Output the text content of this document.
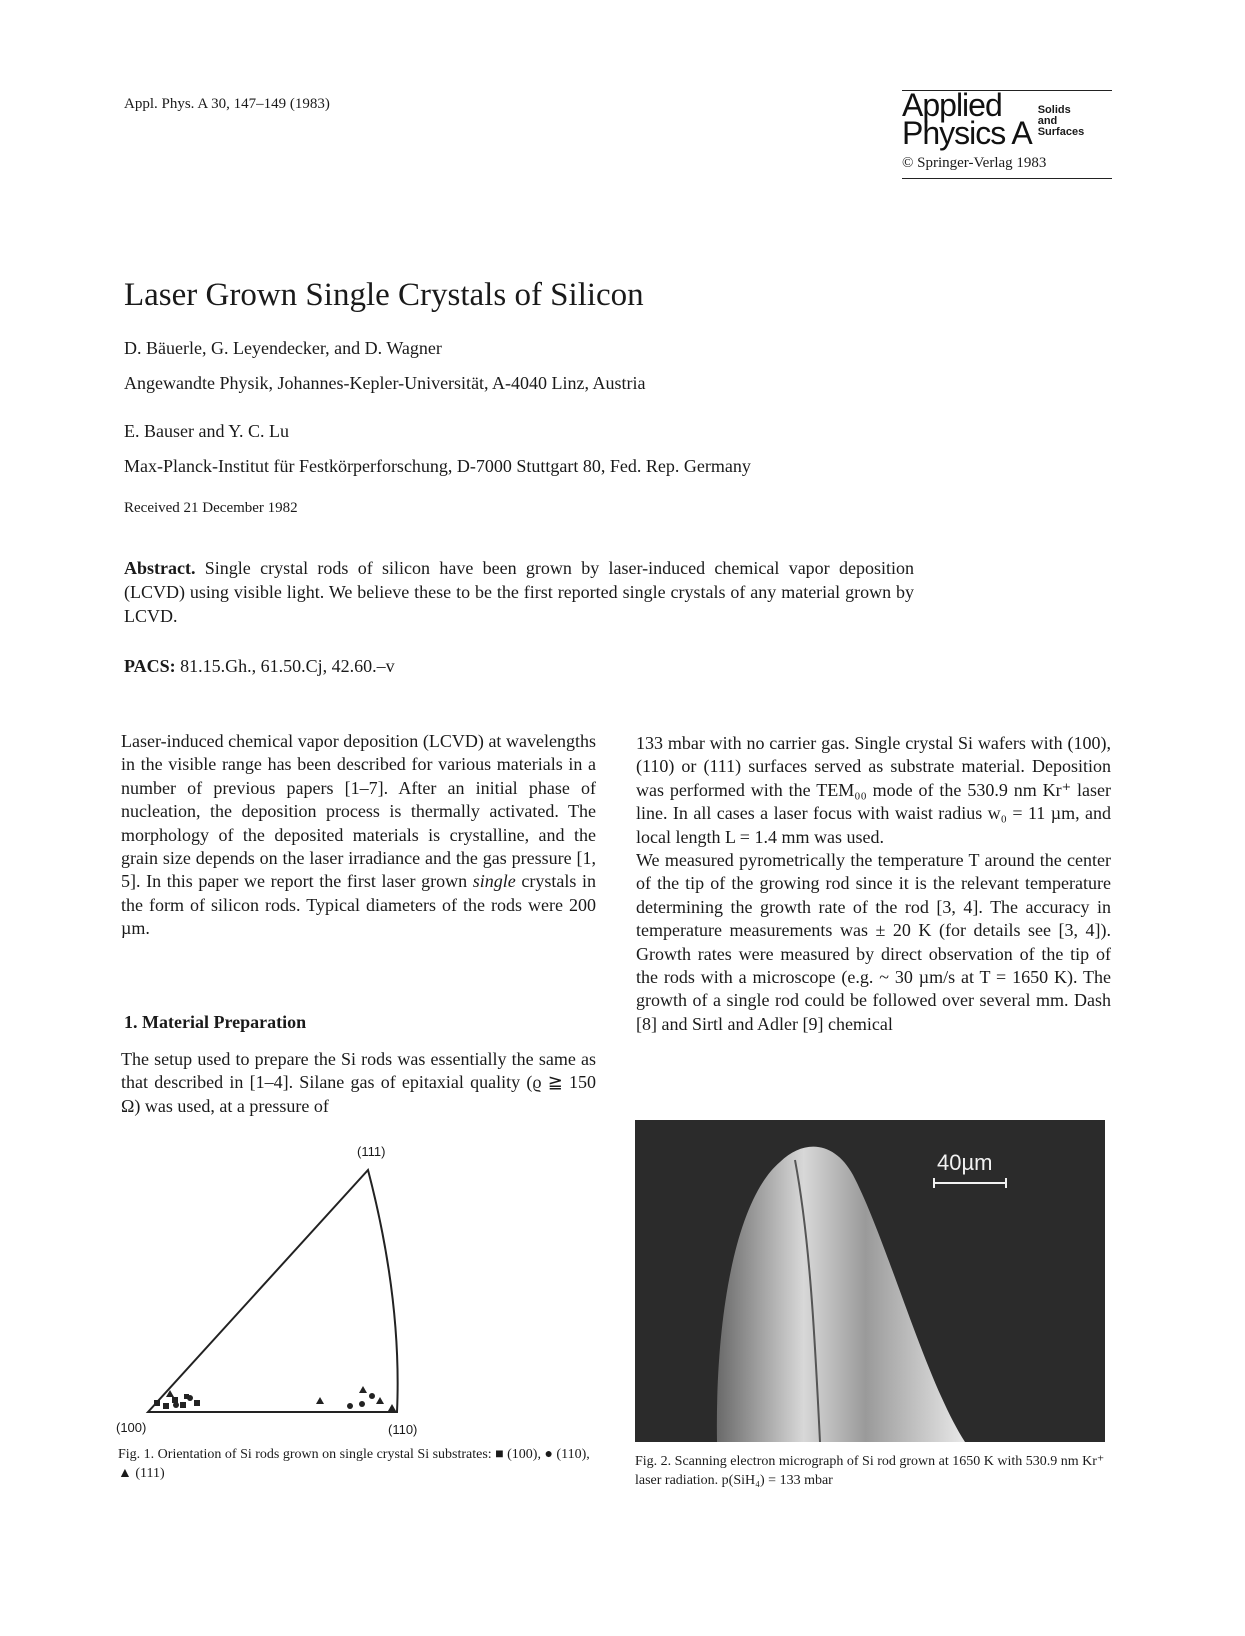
Appl. Phys. A 30, 147–149 (1983)	Applied
Physics A
Solids
and
Surfaces
© Springer-Verlag 1983
Laser Grown Single Crystals of Silicon
D. Bäuerle, G. Leyendecker, and D. Wagner
Angewandte Physik, Johannes-Kepler-Universität, A-4040 Linz, Austria
E. Bauser and Y. C. Lu
Max-Planck-Institut für Festkörperforschung, D-7000 Stuttgart 80, Fed. Rep. Germany
Received 21 December 1982
Abstract. Single crystal rods of silicon have been grown by laser-induced chemical vapor deposition (LCVD) using visible light. We believe these to be the first reported single crystals of any material grown by LCVD.
PACS: 81.15.Gh., 61.50.Cj, 42.60.–v
Laser-induced chemical vapor deposition (LCVD) at wavelengths in the visible range has been described for various materials in a number of previous papers [1–7]. After an initial phase of nucleation, the deposition process is thermally activated. The morphology of the deposited materials is crystalline, and the grain size depends on the laser irradiance and the gas pressure [1, 5]. In this paper we report the first laser grown single crystals in the form of silicon rods. Typical diameters of the rods were 200 µm.
1. Material Preparation
The setup used to prepare the Si rods was essentially the same as that described in [1–4]. Silane gas of epitaxial quality (ϱ ≧ 150 Ω) was used, at a pressure of

133 mbar with no carrier gas. Single crystal Si wafers with (100), (110) or (111) surfaces served as substrate material. Deposition was performed with the TEM₀₀ mode of the 530.9 nm Kr⁺ laser line. In all cases a laser focus with waist radius w₀ = 11 µm, and local length L = 1.4 mm was used.

We measured pyrometrically the temperature T around the center of the tip of the growing rod since it is the relevant temperature determining the growth rate of the rod [3, 4]. The accuracy in temperature measurements was ± 20 K (for details see [3, 4]). Growth rates were measured by direct observation of the tip of the rods with a microscope (e.g. ~ 30 µm/s at T = 1650 K). The growth of a single rod could be followed over several mm. Dash [8] and Sirtl and Adler [9] chemical

(111)
(100)	(110)
Fig. 1. Orientation of Si rods grown on single crystal Si substrates: ■ (100), ● (110), ▲ (111)
40µm
Fig. 2. Scanning electron micrograph of Si rod grown at 1650 K with 530.9 nm Kr⁺ laser radiation. p(SiH₄) = 133 mbar
